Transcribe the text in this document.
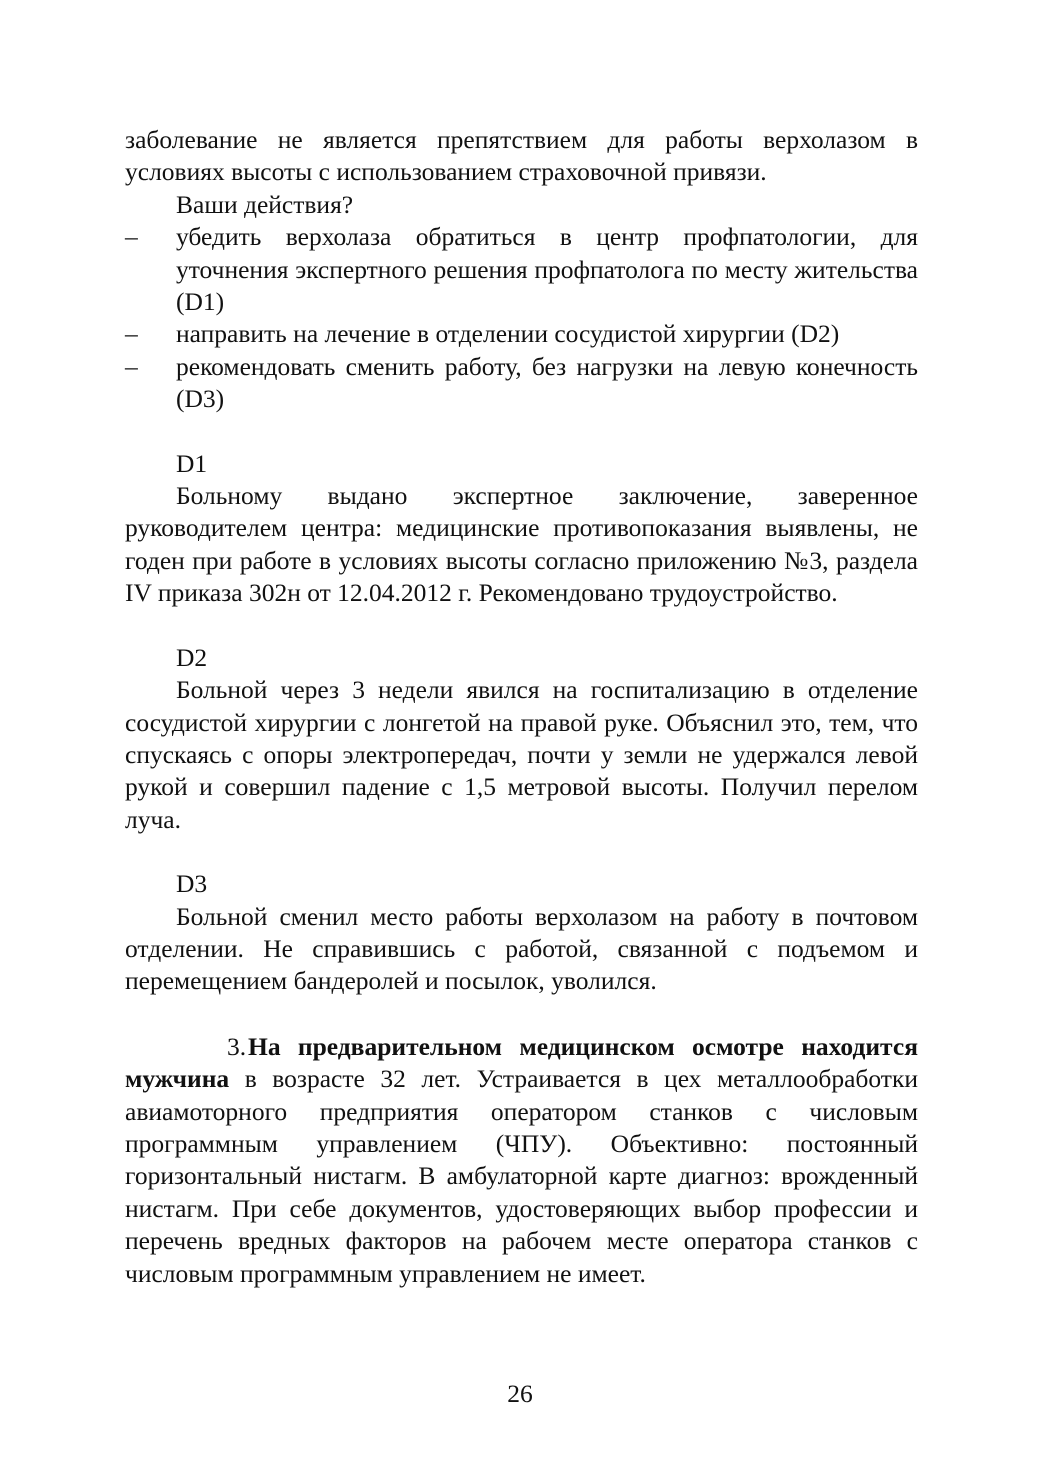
заболевание не является препятствием для работы верхолазом в условиях высоты с использованием страховочной привязи.

Ваши действия?

– убедить верхолаза обратиться в центр профпатологии, для уточнения экспертного решения профпатолога по месту жительства (D1)
– направить на лечение в отделении сосудистой хирургии (D2)
– рекомендовать сменить работу, без нагрузки на левую конечность (D3)

D1

Больному выдано экспертное заключение, заверенное руководителем центра: медицинские противопоказания выявлены, не годен при работе в условиях высоты согласно приложению №3, раздела IV приказа 302н от 12.04.2012 г. Рекомендовано трудоустройство.

D2

Больной через 3 недели явился на госпитализацию в отделение сосудистой хирургии с лонгетой на правой руке. Объяснил это, тем, что спускаясь с опоры электропередач, почти у земли не удержался левой рукой и совершил падение с 1,5 метровой высоты. Получил перелом луча.

D3

Больной сменил место работы верхолазом на работу в почтовом отделении. Не справившись с работой, связанной с подъемом и перемещением бандеролей и посылок, уволился.

3.На предварительном медицинском осмотре находится мужчина в возрасте 32 лет. Устраивается в цех металлообработки авиамоторного предприятия оператором станков с числовым программным управлением (ЧПУ). Объективно: постоянный горизонтальный нистагм. В амбулаторной карте диагноз: врожденный нистагм. При себе документов, удостоверяющих выбор профессии и перечень вредных факторов на рабочем месте оператора станков с числовым программным управлением не имеет.

26
